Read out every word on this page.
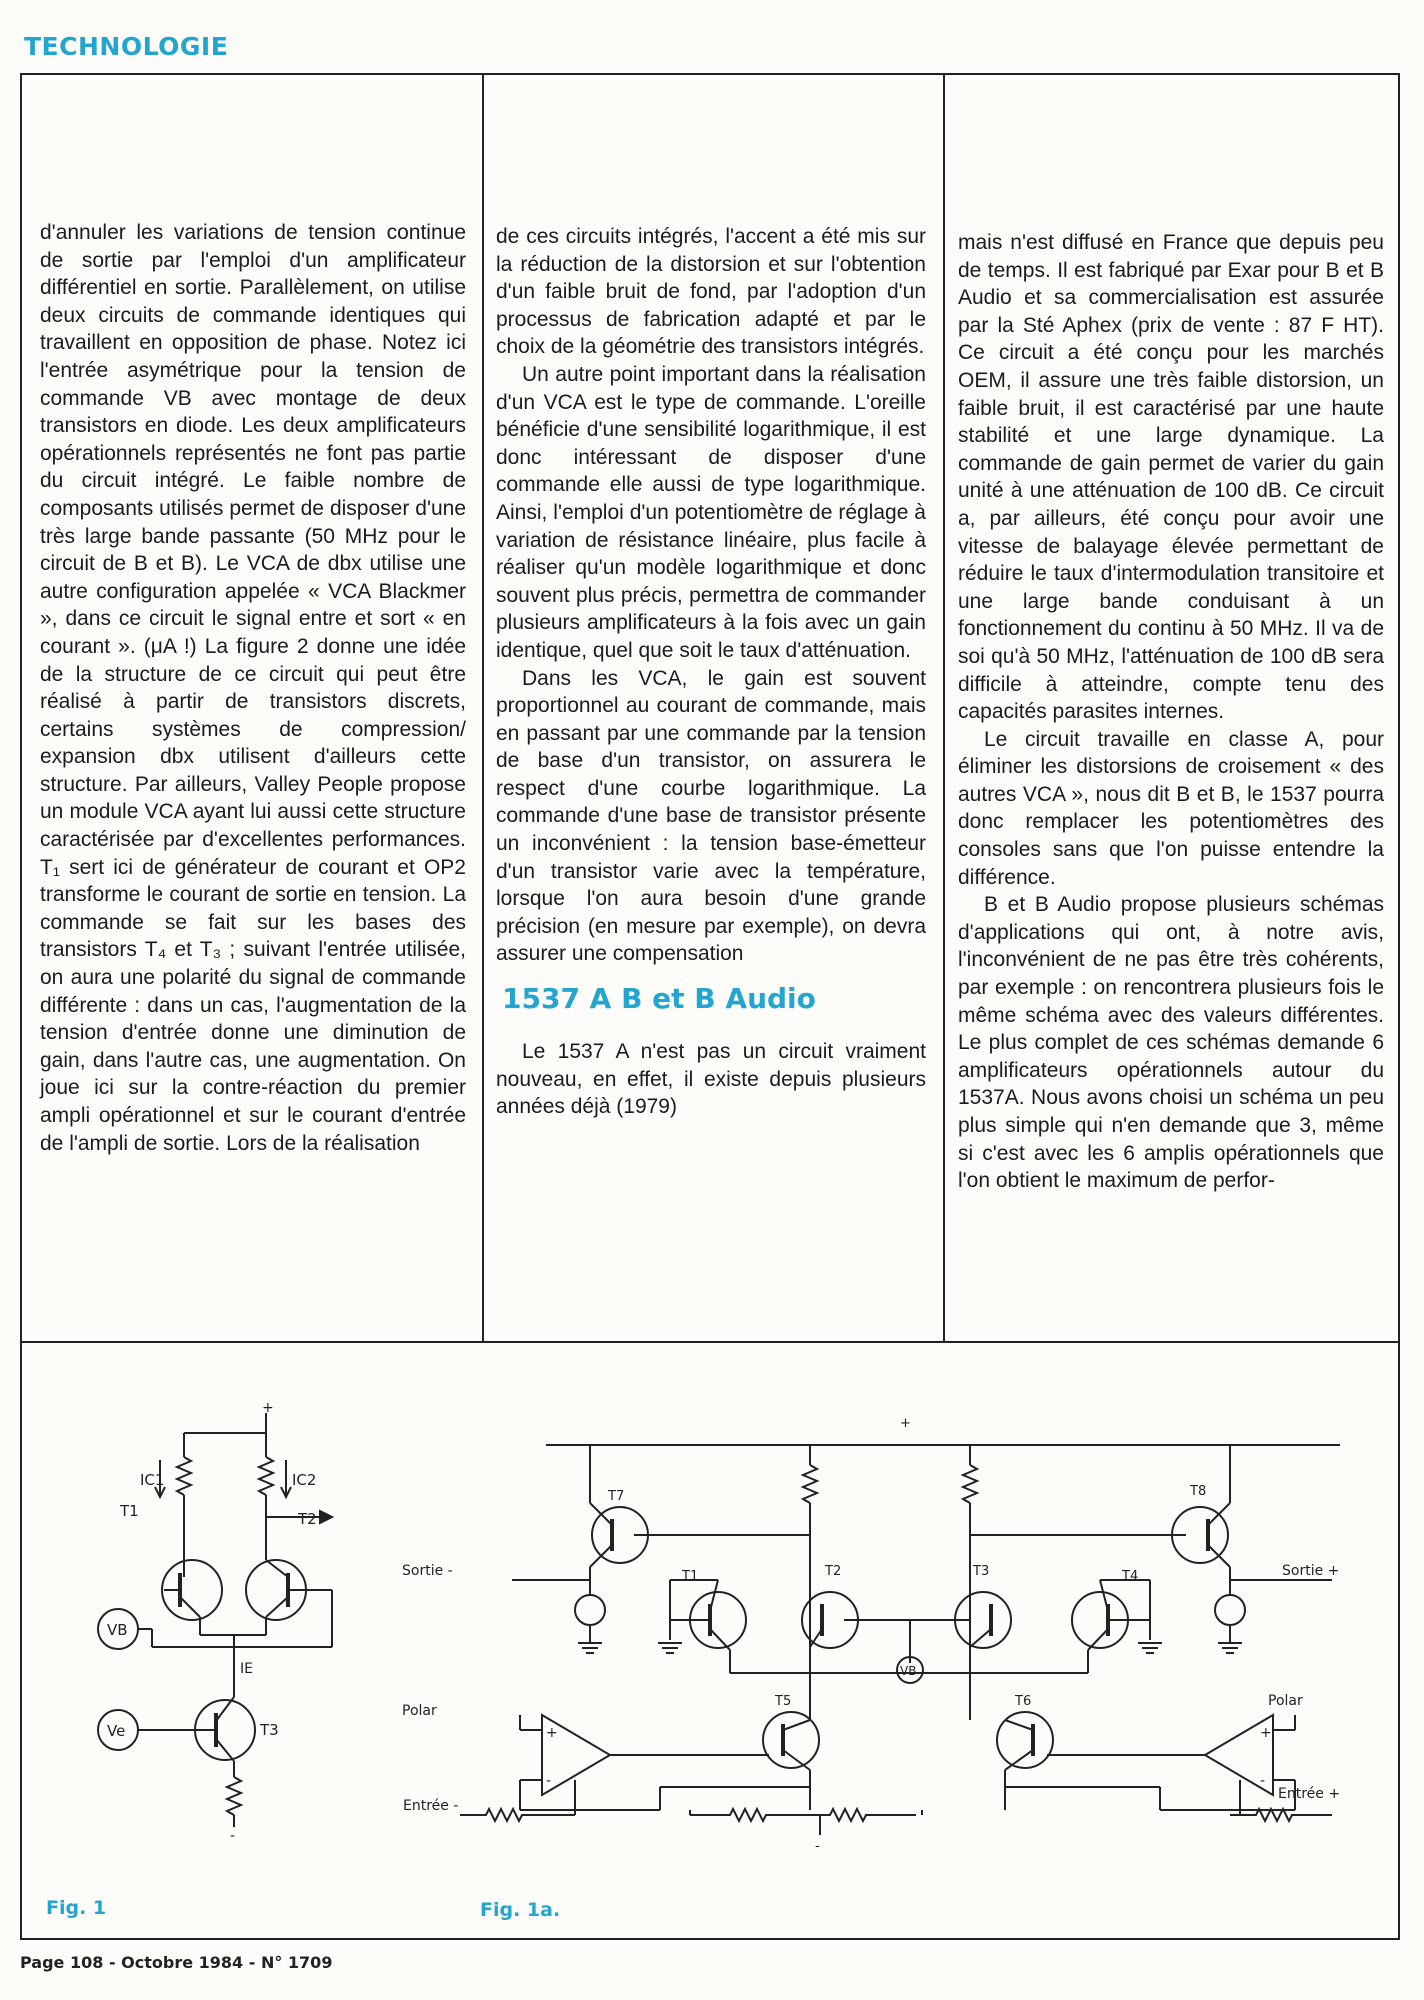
TECHNOLOGIE

d'annuler les variations de tension continue de sortie par l'emploi d'un amplificateur différentiel en sortie. Parallèlement, on utilise deux circuits de commande identiques qui travaillent en opposition de phase. Notez ici l'entrée asymétrique pour la tension de commande VB avec montage de deux transistors en diode. Les deux amplificateurs opérationnels représentés ne font pas partie du circuit intégré. Le faible nombre de composants utilisés permet de disposer d'une très large bande passante (50 MHz pour le circuit de B et B). Le VCA de dbx utilise une autre configuration appelée « VCA Blackmer », dans ce circuit le signal entre et sort « en courant ». (μA !) La figure 2 donne une idée de la structure de ce circuit qui peut être réalisé à partir de transistors discrets, certains systèmes de compression/ expansion dbx utilisent d'ailleurs cette structure. Par ailleurs, Valley People propose un module VCA ayant lui aussi cette structure caractérisée par d'excellentes performances. T₁ sert ici de générateur de courant et OP2 transforme le courant de sortie en tension. La commande se fait sur les bases des transistors T₄ et T₃ ; suivant l'entrée utilisée, on aura une polarité du signal de commande différente : dans un cas, l'augmentation de la tension d'entrée donne une diminution de gain, dans l'autre cas, une augmentation. On joue ici sur la contre-réaction du premier ampli opérationnel et sur le courant d'entrée de l'ampli de sortie. Lors de la réalisation

de ces circuits intégrés, l'accent a été mis sur la réduction de la distorsion et sur l'obtention d'un faible bruit de fond, par l'adoption d'un processus de fabrication adapté et par le choix de la géométrie des transistors intégrés.

Un autre point important dans la réalisation d'un VCA est le type de commande. L'oreille bénéficie d'une sensibilité logarithmique, il est donc intéressant de disposer d'une commande elle aussi de type logarithmique. Ainsi, l'emploi d'un potentiomètre de réglage à variation de résistance linéaire, plus facile à réaliser qu'un modèle logarithmique et donc souvent plus précis, permettra de commander plusieurs amplificateurs à la fois avec un gain identique, quel que soit le taux d'atténuation.

Dans les VCA, le gain est souvent proportionnel au courant de commande, mais en passant par une commande par la tension de base d'un transistor, on assurera le respect d'une courbe logarithmique. La commande d'une base de transistor présente un inconvénient : la tension base-émetteur d'un transistor varie avec la température, lorsque l'on aura besoin d'une grande précision (en mesure par exemple), on devra assurer une compensation

1537 A B et B Audio

Le 1537 A n'est pas un circuit vraiment nouveau, en effet, il existe depuis plusieurs années déjà (1979)

mais n'est diffusé en France que depuis peu de temps. Il est fabriqué par Exar pour B et B Audio et sa commercialisation est assurée par la Sté Aphex (prix de vente : 87 F HT). Ce circuit a été conçu pour les marchés OEM, il assure une très faible distorsion, un faible bruit, il est caractérisé par une haute stabilité et une large dynamique. La commande de gain permet de varier du gain unité à une atténuation de 100 dB. Ce circuit a, par ailleurs, été conçu pour avoir une vitesse de balayage élevée permettant de réduire le taux d'intermodulation transitoire et une large bande conduisant à un fonctionnement du continu à 50 MHz. Il va de soi qu'à 50 MHz, l'atténuation de 100 dB sera difficile à atteindre, compte tenu des capacités parasites internes.

Le circuit travaille en classe A, pour éliminer les distorsions de croisement « des autres VCA », nous dit B et B, le 1537 pourra donc remplacer les potentiomètres des consoles sans que l'on puisse entendre la différence.

B et B Audio propose plusieurs schémas d'applications qui ont, à notre avis, l'inconvénient de ne pas être très cohérents, par exemple : on rencontrera plusieurs fois le même schéma avec des valeurs différentes. Le plus complet de ces schémas demande 6 amplificateurs opérationnels autour du 1537A. Nous avons choisi un schéma un peu plus simple qui n'en demande que 3, même si c'est avec les 6 amplis opérationnels que l'on obtient le maximum de perfor-

+
IC1	IC2
T1	T2
VB
IE
T3
Ve
-
+
VB
+
-
+
-
-
Entrée -
Entrée +
Sortie -	Sortie +
Polar
Polar
T7	T8
T1	T2	T3	T4
T5	T6
Fig. 1	Fig. 1a.
Page 108 - Octobre 1984 - N° 1709
